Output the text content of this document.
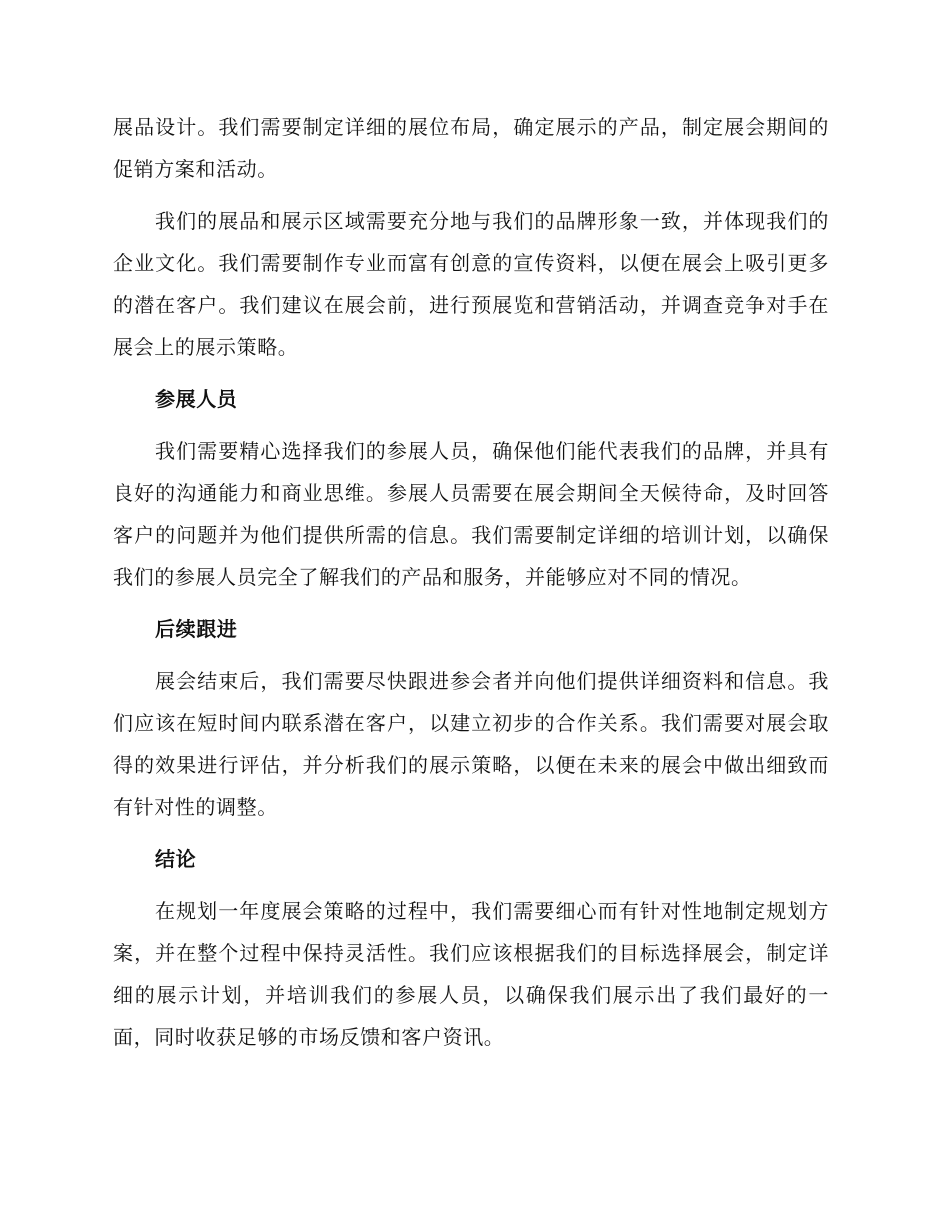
展品设计。我们需要制定详细的展位布局，确定展示的产品，制定展会期间的促销方案和活动。

我们的展品和展示区域需要充分地与我们的品牌形象一致，并体现我们的企业文化。我们需要制作专业而富有创意的宣传资料，以便在展会上吸引更多的潜在客户。我们建议在展会前，进行预展览和营销活动，并调查竞争对手在展会上的展示策略。

参展人员

我们需要精心选择我们的参展人员，确保他们能代表我们的品牌，并具有良好的沟通能力和商业思维。参展人员需要在展会期间全天候待命，及时回答客户的问题并为他们提供所需的信息。我们需要制定详细的培训计划，以确保我们的参展人员完全了解我们的产品和服务，并能够应对不同的情况。

后续跟进

展会结束后，我们需要尽快跟进参会者并向他们提供详细资料和信息。我们应该在短时间内联系潜在客户，以建立初步的合作关系。我们需要对展会取得的效果进行评估，并分析我们的展示策略，以便在未来的展会中做出细致而有针对性的调整。

结论

在规划一年度展会策略的过程中，我们需要细心而有针对性地制定规划方案，并在整个过程中保持灵活性。我们应该根据我们的目标选择展会，制定详细的展示计划，并培训我们的参展人员，以确保我们展示出了我们最好的一面，同时收获足够的市场反馈和客户资讯。
